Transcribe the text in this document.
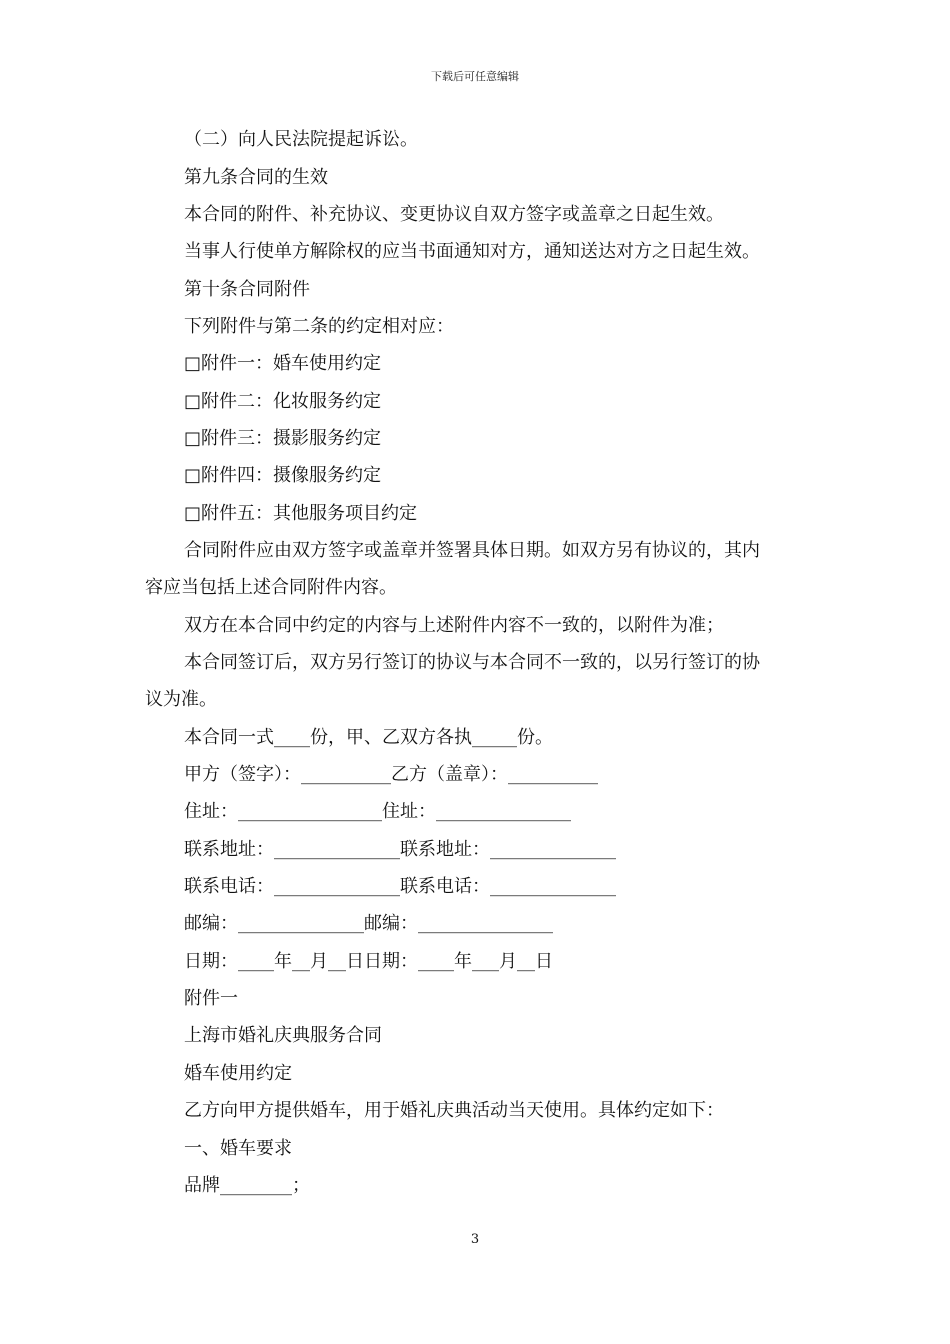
下载后可任意编辑
（二）向人民法院提起诉讼。
第九条合同的生效
本合同的附件、补充协议、变更协议自双方签字或盖章之日起生效。
当事人行使单方解除权的应当书面通知对方，通知送达对方之日起生效。
第十条合同附件
下列附件与第二条的约定相对应：
□附件一：婚车使用约定
□附件二：化妆服务约定
□附件三：摄影服务约定
□附件四：摄像服务约定
□附件五：其他服务项目约定
合同附件应由双方签字或盖章并签署具体日期。如双方另有协议的，其内
容应当包括上述合同附件内容。
双方在本合同中约定的内容与上述附件内容不一致的，以附件为准；
本合同签订后，双方另行签订的协议与本合同不一致的，以另行签订的协
议为准。
本合同一式____份，甲、乙双方各执_____份。
甲方（签字）：__________乙方（盖章）：__________
住址：________________住址：_______________
联系地址：______________联系地址：______________
联系电话：______________联系电话：______________
邮编：______________邮编：_______________
日期：____年__月__日日期：____年___月__日
附件一
上海市婚礼庆典服务合同
婚车使用约定
乙方向甲方提供婚车，用于婚礼庆典活动当天使用。具体约定如下：
一、婚车要求
品牌________；
3
